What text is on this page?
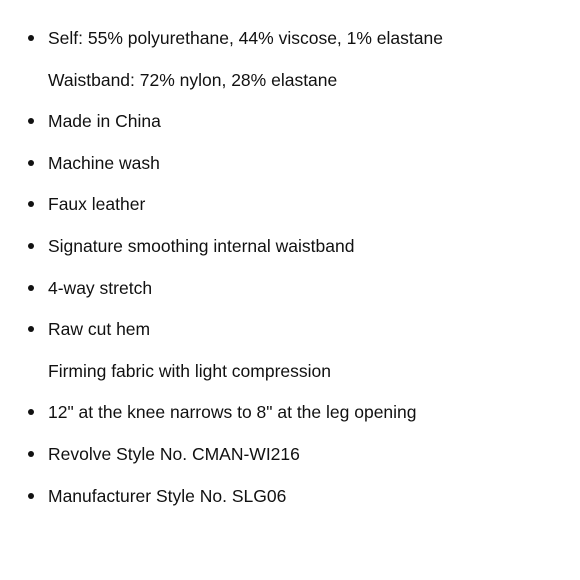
Self: 55% polyurethane, 44% viscose, 1% elastane
Waistband: 72% nylon, 28% elastane
Made in China
Machine wash
Faux leather
Signature smoothing internal waistband
4-way stretch
Raw cut hem
Firming fabric with light compression
12" at the knee narrows to 8" at the leg opening
Revolve Style No. CMAN-WI216
Manufacturer Style No. SLG06
